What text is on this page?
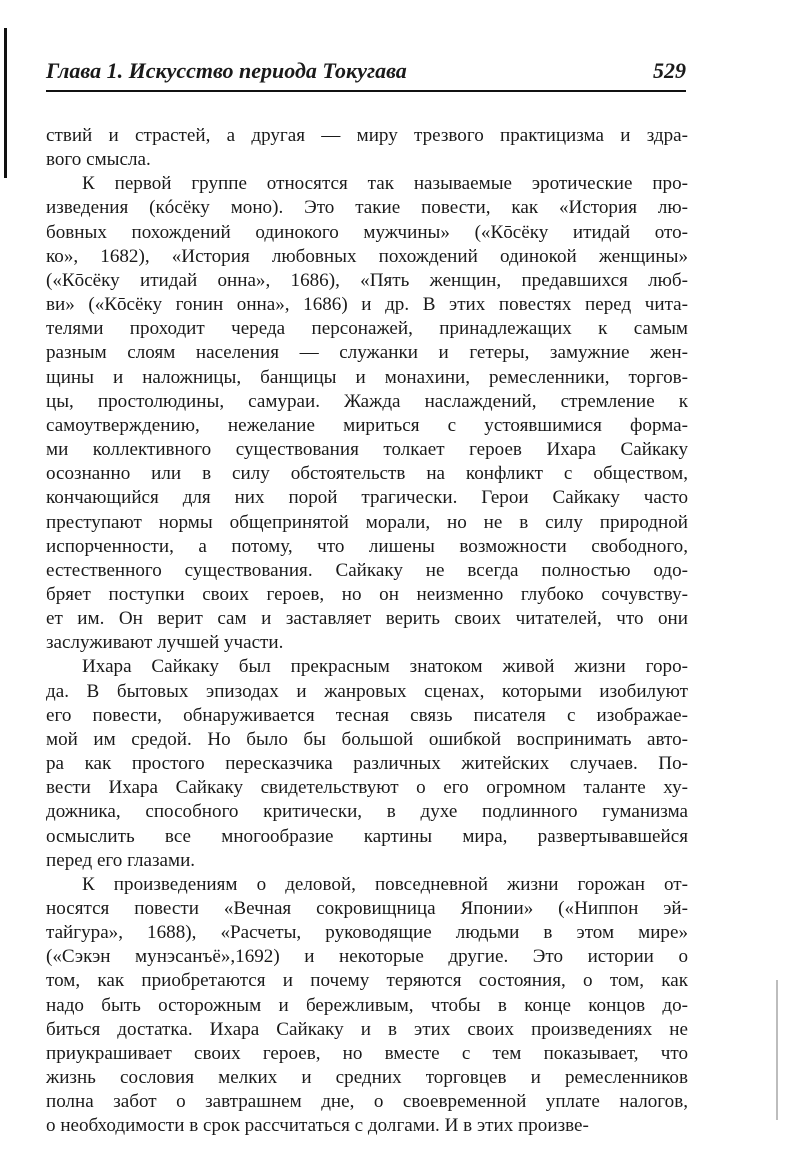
Глава 1. Искусство периода Токугава	529
ствий и страстей, а другая — миру трезвого практицизма и здра-
вого смысла.
К первой группе относятся так называемые эротические про-
изведения (кóсёку моно). Это такие повести, как «История лю-
бовных похождений одинокого мужчины» («Кōсёку итидай ото-
ко», 1682), «История любовных похождений одинокой женщины»
(«Кōсёку итидай онна», 1686), «Пять женщин, предавшихся люб-
ви» («Кōсёку гонин онна», 1686) и др. В этих повестях перед чита-
телями проходит череда персонажей, принадлежащих к самым
разным слоям населения — служанки и гетеры, замужние жен-
щины и наложницы, банщицы и монахини, ремесленники, торгов-
цы, простолюдины, самураи. Жажда наслаждений, стремление к
самоутверждению, нежелание мириться с устоявшимися форма-
ми коллективного существования толкает героев Ихара Сайкаку
осознанно или в силу обстоятельств на конфликт с обществом,
кончающийся для них порой трагически. Герои Сайкаку часто
преступают нормы общепринятой морали, но не в силу природной
испорченности, а потому, что лишены возможности свободного,
естественного существования. Сайкаку не всегда полностью одо-
бряет поступки своих героев, но он неизменно глубоко сочувству-
ет им. Он верит сам и заставляет верить своих читателей, что они
заслуживают лучшей участи.
Ихара Сайкаку был прекрасным знатоком живой жизни горо-
да. В бытовых эпизодах и жанровых сценах, которыми изобилуют
его повести, обнаруживается тесная связь писателя с изображае-
мой им средой. Но было бы большой ошибкой воспринимать авто-
ра как простого пересказчика различных житейских случаев. По-
вести Ихара Сайкаку свидетельствуют о его огромном таланте ху-
дожника, способного критически, в духе подлинного гуманизма
осмыслить все многообразие картины мира, развертывавшейся
перед его глазами.
К произведениям о деловой, повседневной жизни горожан от-
носятся повести «Вечная сокровищница Японии» («Ниппон эй-
тайгура», 1688), «Расчеты, руководящие людьми в этом мире»
(«Сэкэн мунэсанъё»,1692) и некоторые другие. Это истории о
том, как приобретаются и почему теряются состояния, о том, как
надо быть осторожным и бережливым, чтобы в конце концов до-
биться достатка. Ихара Сайкаку и в этих своих произведениях не
приукрашивает своих героев, но вместе с тем показывает, что
жизнь сословия мелких и средних торговцев и ремесленников
полна забот о завтрашнем дне, о своевременной уплате налогов,
о необходимости в срок рассчитаться с долгами. И в этих произве-
